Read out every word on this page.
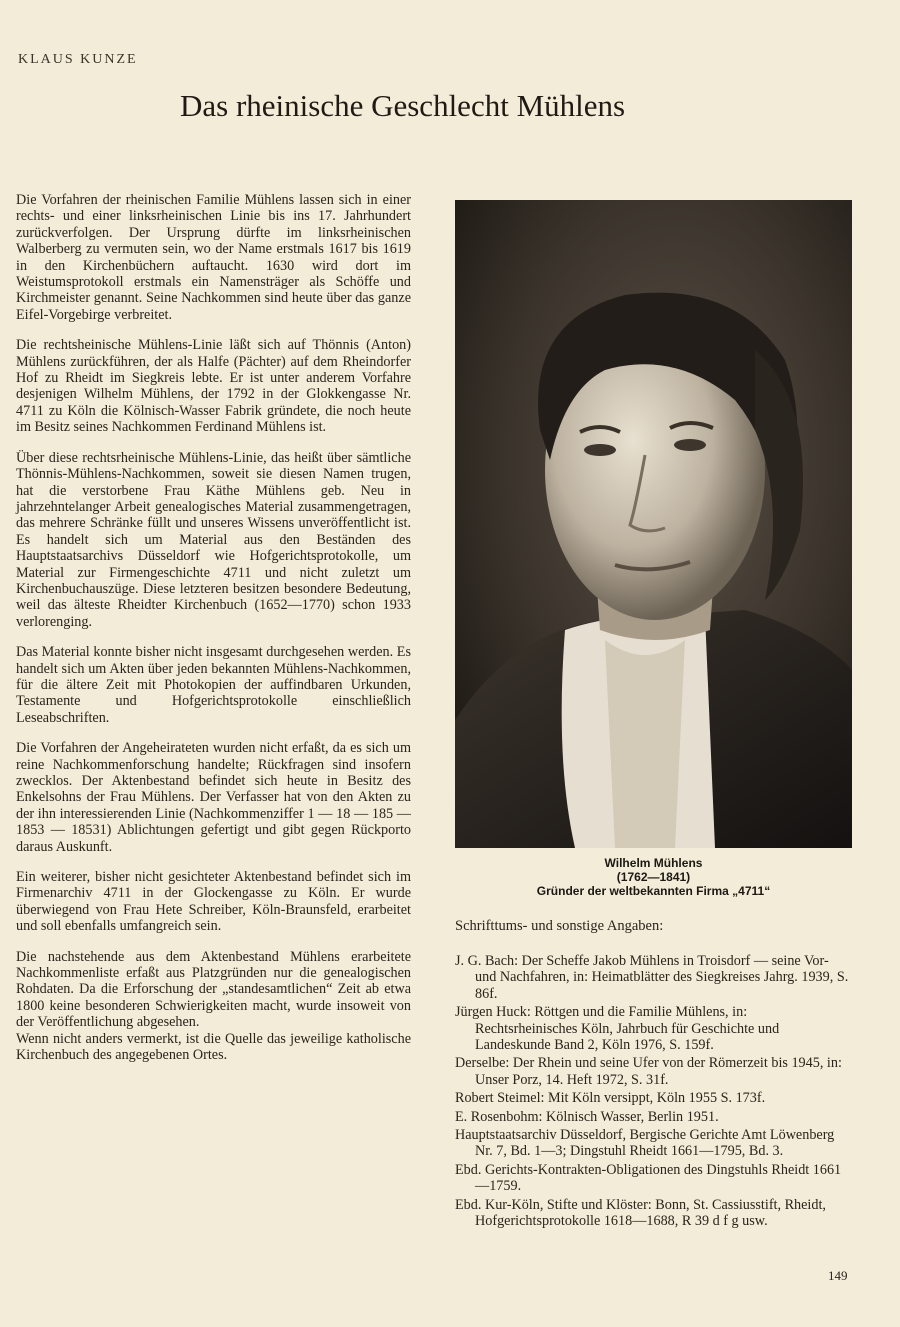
KLAUS KUNZE
Das rheinische Geschlecht Mühlens

Die Vorfahren der rheinischen Familie Mühlens lassen sich in einer rechts- und einer linksrheinischen Linie bis ins 17. Jahrhundert zurückverfolgen. Der Ursprung dürfte im linksrheinischen Walberberg zu vermuten sein, wo der Name erstmals 1617 bis 1619 in den Kirchenbüchern auftaucht. 1630 wird dort im Weistumsprotokoll erstmals ein Namensträger als Schöffe und Kirchmeister genannt. Seine Nachkommen sind heute über das ganze Eifel-Vorgebirge verbreitet.

Die rechtsheinische Mühlens-Linie läßt sich auf Thönnis (Anton) Mühlens zurückführen, der als Halfe (Pächter) auf dem Rheindorfer Hof zu Rheidt im Siegkreis lebte. Er ist unter anderem Vorfahre desjenigen Wilhelm Mühlens, der 1792 in der Glokkengasse Nr. 4711 zu Köln die Kölnisch-Wasser Fabrik gründete, die noch heute im Besitz seines Nachkommen Ferdinand Mühlens ist.

Über diese rechtsrheinische Mühlens-Linie, das heißt über sämtliche Thönnis-Mühlens-Nachkommen, soweit sie diesen Namen trugen, hat die verstorbene Frau Käthe Mühlens geb. Neu in jahrzehntelanger Arbeit genealogisches Material zusammengetragen, das mehrere Schränke füllt und unseres Wissens unveröffentlicht ist. Es handelt sich um Material aus den Beständen des Hauptstaatsarchivs Düsseldorf wie Hofgerichtsprotokolle, um Material zur Firmengeschichte 4711 und nicht zuletzt um Kirchenbuchauszüge. Diese letzteren besitzen besondere Bedeutung, weil das älteste Rheidter Kirchenbuch (1652—1770) schon 1933 verlorenging.

Das Material konnte bisher nicht insgesamt durchgesehen werden. Es handelt sich um Akten über jeden bekannten Mühlens-Nachkommen, für die ältere Zeit mit Photokopien der auffindbaren Urkunden, Testamente und Hofgerichtsprotokolle einschließlich Leseabschriften.

Die Vorfahren der Angeheirateten wurden nicht erfaßt, da es sich um reine Nachkommenforschung handelte; Rückfragen sind insofern zwecklos. Der Aktenbestand befindet sich heute in Besitz des Enkelsohns der Frau Mühlens. Der Verfasser hat von den Akten zu der ihn interessierenden Linie (Nachkommenziffer 1 — 18 — 185 — 1853 — 18531) Ablichtungen gefertigt und gibt gegen Rückporto daraus Auskunft.

Ein weiterer, bisher nicht gesichteter Aktenbestand befindet sich im Firmenarchiv 4711 in der Glockengasse zu Köln. Er wurde überwiegend von Frau Hete Schreiber, Köln-Braunsfeld, erarbeitet und soll ebenfalls umfangreich sein.

Die nachstehende aus dem Aktenbestand Mühlens erarbeitete Nachkommenliste erfaßt aus Platzgründen nur die genealogischen Rohdaten. Da die Erforschung der „standesamtlichen“ Zeit ab etwa 1800 keine besonderen Schwierigkeiten macht, wurde insoweit von der Veröffentlichung abgesehen.

Wenn nicht anders vermerkt, ist die Quelle das jeweilige katholische Kirchenbuch des angegebenen Ortes.

Wilhelm Mühlens
(1762—1841)
Gründer der weltbekannten Firma „4711“
Schrifttums- und sonstige Angaben:
J. G. Bach: Der Scheffe Jakob Mühlens in Troisdorf — seine Vor- und Nachfahren, in: Heimatblätter des Siegkreises Jahrg. 1939, S. 86f.
Jürgen Huck: Röttgen und die Familie Mühlens, in: Rechtsrheinisches Köln, Jahrbuch für Geschichte und Landeskunde Band 2, Köln 1976, S. 159f.
Derselbe: Der Rhein und seine Ufer von der Römerzeit bis 1945, in: Unser Porz, 14. Heft 1972, S. 31f.
Robert Steimel: Mit Köln versippt, Köln 1955 S. 173f.
E. Rosenbohm: Kölnisch Wasser, Berlin 1951.
Hauptstaatsarchiv Düsseldorf, Bergische Gerichte Amt Löwenberg Nr. 7, Bd. 1—3; Dingstuhl Rheidt 1661—1795, Bd. 3.
Ebd. Gerichts-Kontrakten-Obligationen des Dingstuhls Rheidt 1661—1759.
Ebd. Kur-Köln, Stifte und Klöster: Bonn, St. Cassiusstift, Rheidt, Hofgerichtsprotokolle 1618—1688, R 39 d f g usw.
149
